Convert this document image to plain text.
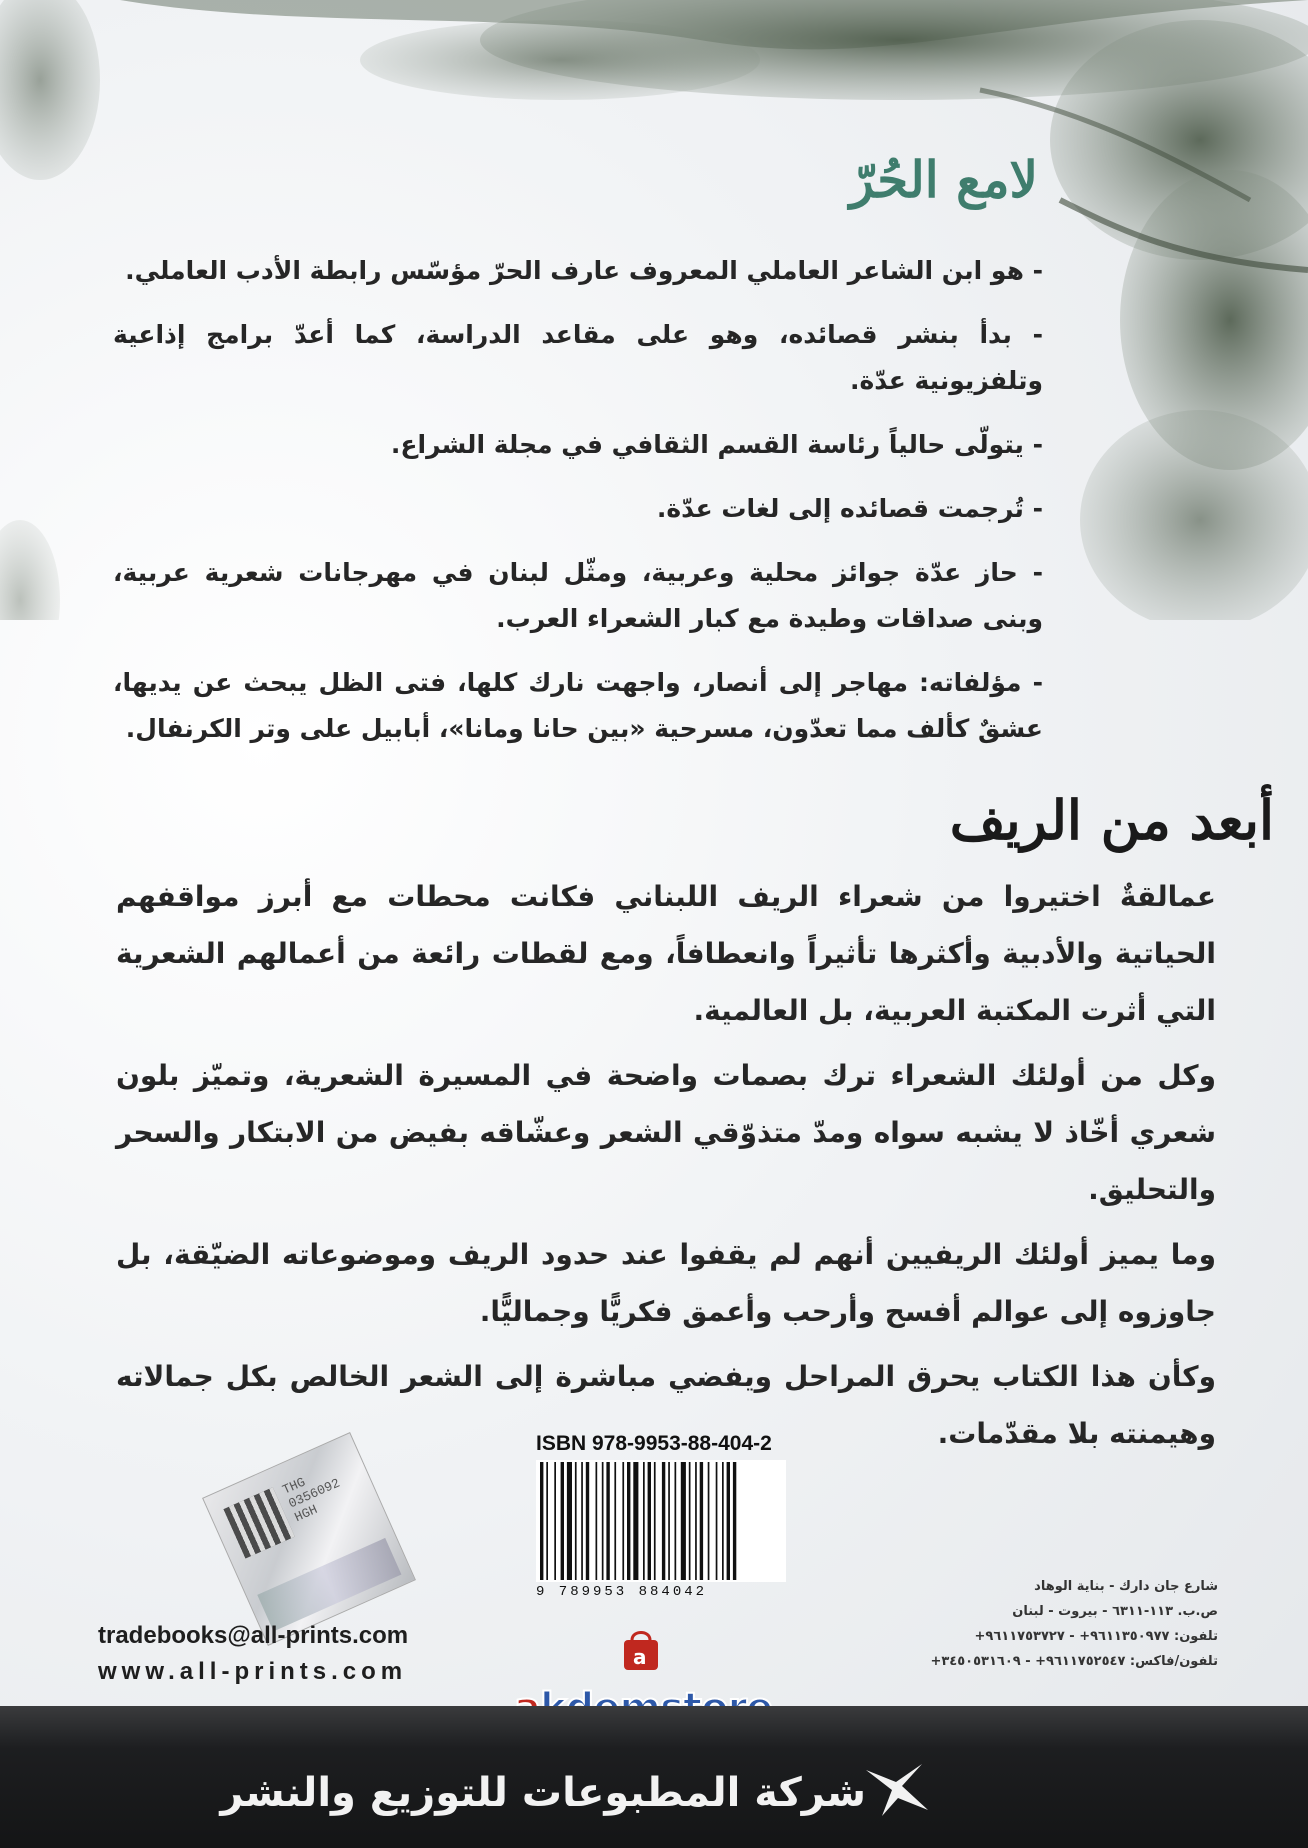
لامع الحُرّ
- هو ابن الشاعر العاملي المعروف عارف الحرّ مؤسّس رابطة الأدب العاملي.
- بدأ بنشر قصائده، وهو على مقاعد الدراسة، كما أعدّ برامج إذاعية وتلفزيونية عدّة.
- يتولّى حالياً رئاسة القسم الثقافي في مجلة الشراع.
- تُرجمت قصائده إلى لغات عدّة.
- حاز عدّة جوائز محلية وعربية، ومثّل لبنان في مهرجانات شعرية عربية، وبنى صداقات وطيدة مع كبار الشعراء العرب.
- مؤلفاته: مهاجر إلى أنصار، واجهت نارك كلها، فتى الظل يبحث عن يديها، عشقٌ كألف مما تعدّون، مسرحية «بين حانا ومانا»، أبابيل على وتر الكرنفال.
أبعد من الريف

عمالقةٌ اختيروا من شعراء الريف اللبناني فكانت محطات مع أبرز مواقفهم الحياتية والأدبية وأكثرها تأثيراً وانعطافاً، ومع لقطات رائعة من أعمالهم الشعرية التي أثرت المكتبة العربية، بل العالمية.

وكل من أولئك الشعراء ترك بصمات واضحة في المسيرة الشعرية، وتميّز بلون شعري أخّاذ لا يشبه سواه ومدّ متذوّقي الشعر وعشّاقه بفيض من الابتكار والسحر والتحليق.

وما يميز أولئك الريفيين أنهم لم يقفوا عند حدود الريف وموضوعاته الضيّقة، بل جاوزوه إلى عوالم أفسح وأرحب وأعمق فكريًّا وجماليًّا.

وكأن هذا الكتاب يحرق المراحل ويفضي مباشرة إلى الشعر الخالص بكل جمالاته وهيمنته بلا مقدّمات.

ISBN 978-9953-88-404-2
9 789953 884042
THG 0356092 HGH
شارع جان دارك - بناية الوهاد
ص.ب. ١١٣-٦٣١١ - بيروت - لبنان
تلفون: ٩٦١١٣٥٠٩٧٧+ - ٩٦١١٧٥٣٧٢٧+
تلفون/فاكس: ٩٦١١٧٥٢٥٤٧+ - ٣٤٥٠٥٣١٦٠٩+
tradebooks@all-prints.com
www.all-prints.com
a
شركة المطبوعات للتوزيع والنشر
